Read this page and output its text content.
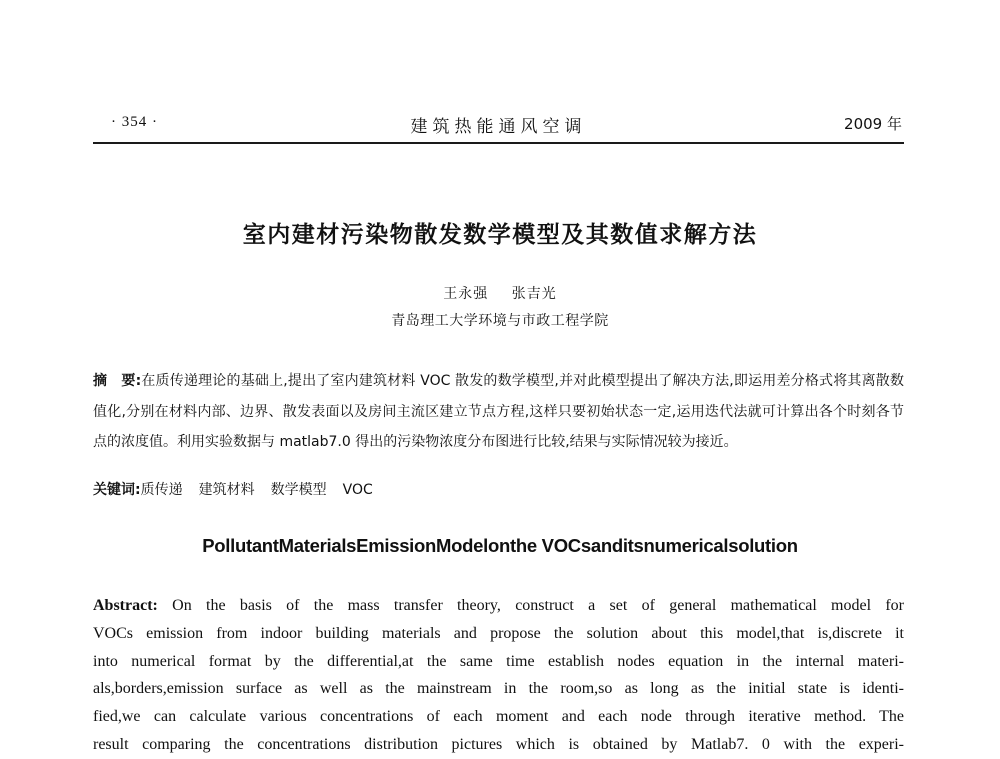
· 354 ·	建筑热能通风空调	2009 年
室内建材污染物散发数学模型及其数值求解方法
王永强 张吉光
青岛理工大学环境与市政工程学院
摘　要:在质传递理论的基础上,提出了室内建筑材料 VOC 散发的数学模型,并对此模型提出了解决方法,即运用差分格式将其离散数值化,分别在材料内部、边界、散发表面以及房间主流区建立节点方程,这样只要初始状态一定,运用迭代法就可计算出各个时刻各节点的浓度值。利用实验数据与 matlab7.0 得出的污染物浓度分布图进行比较,结果与实际情况较为接近。
关键词:质传递 建筑材料 数学模型 VOC
PollutantMaterialsEmissionModelonthe VOCsanditsnumericalsolution
Abstract: On the basis of the mass transfer theory, construct a set of general mathematical model for
VOCs emission from indoor building materials and propose the solution about this model,that is,discrete it
into numerical format by the differential,at the same time establish nodes equation in the internal materi-
als,borders,emission surface as well as the mainstream in the room,so as long as the initial state is identi-
fied,we can calculate various concentrations of each moment and each node through iterative method. The
result comparing the concentrations distribution pictures which is obtained by Matlab7. 0 with the experi-
